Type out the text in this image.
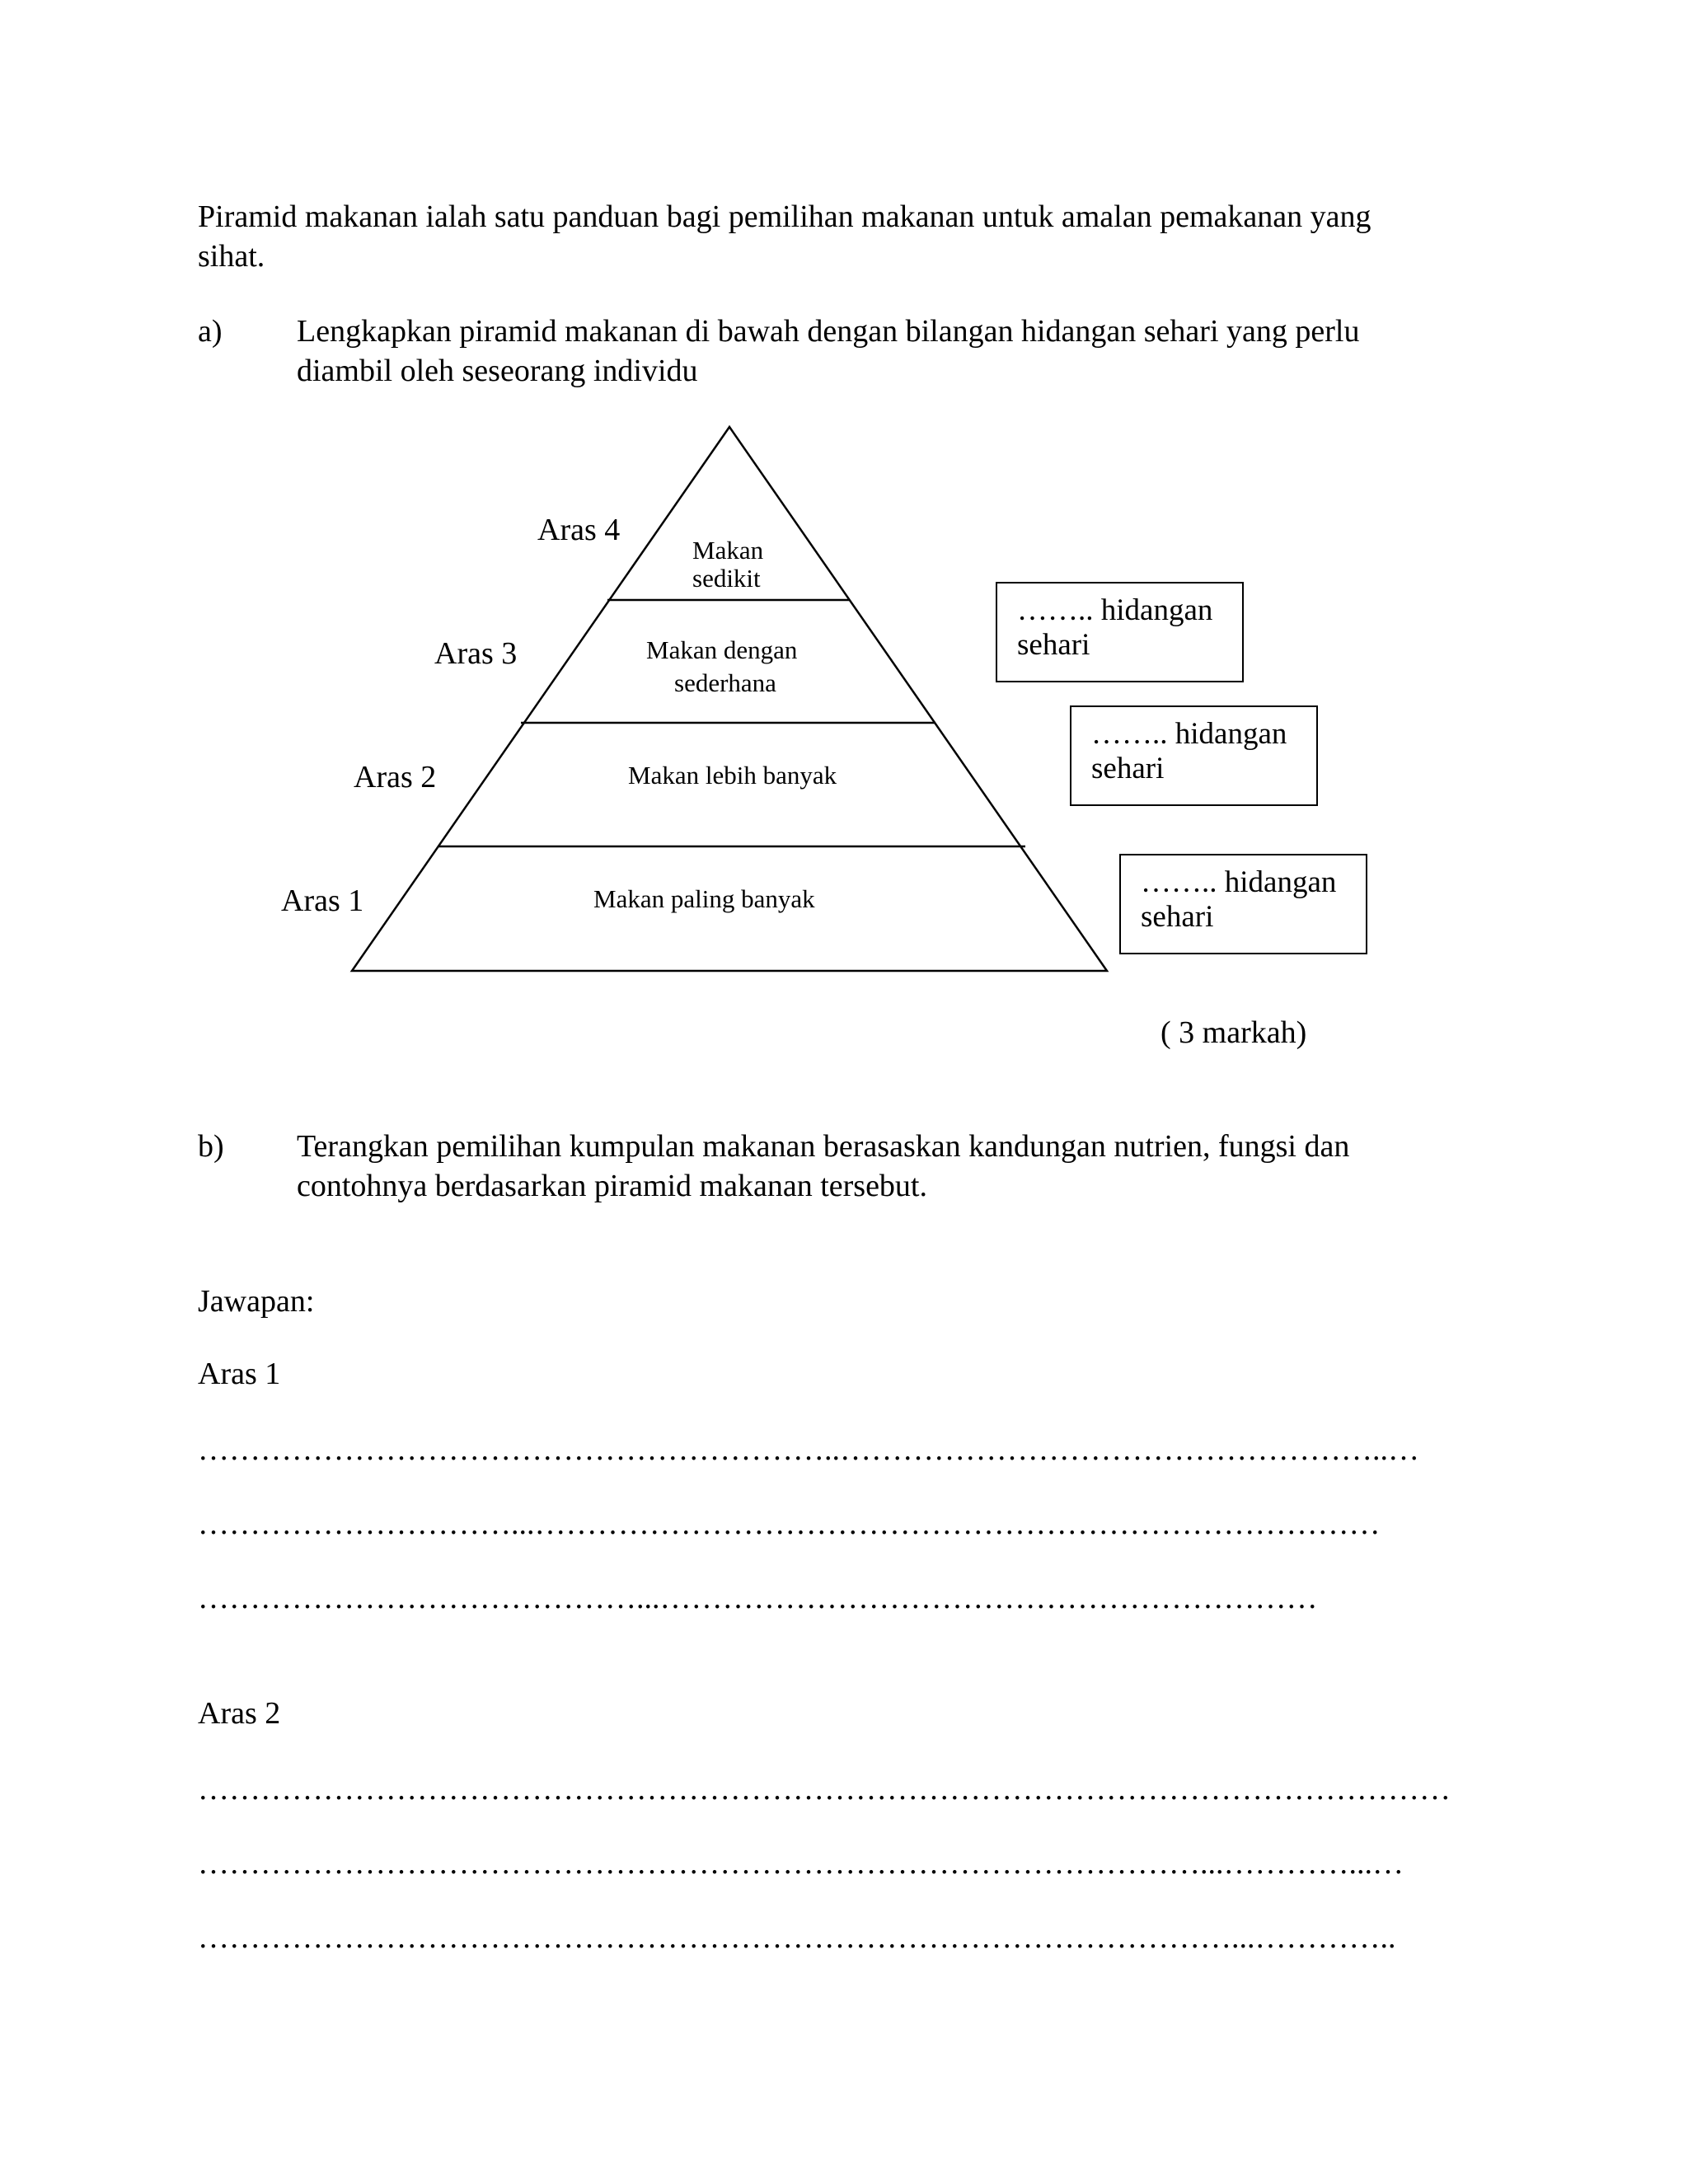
Piramid makanan ialah satu panduan bagi pemilihan makanan untuk amalan pemakanan yang
sihat.
a) Lengkapkan piramid makanan di bawah dengan bilangan hidangan sehari yang perlu
diambil oleh seseorang individu
Aras 4
Aras 3
Aras 2
Aras 1
Makan
sedikit
Makan dengan
sederhana
Makan lebih banyak
Makan paling banyak
…….. hidangan
sehari
…….. hidangan
sehari
…….. hidangan
sehari
( 3 markah)
b) Terangkan pemilihan kumpulan makanan berasaskan kandungan nutrien, fungsi dan
contohnya berdasarkan piramid makanan tersebut.
Jawapan:
Aras 1
……………………………………………………..……………………………………………..…
…………………………...………………………………………………………………………
……………………………………...………………………………………………………
Aras 2
…………………………………………………………………………………………………………
……………………………………………………………………………………...…………...…
………………………………………………………………………………………...…………..
